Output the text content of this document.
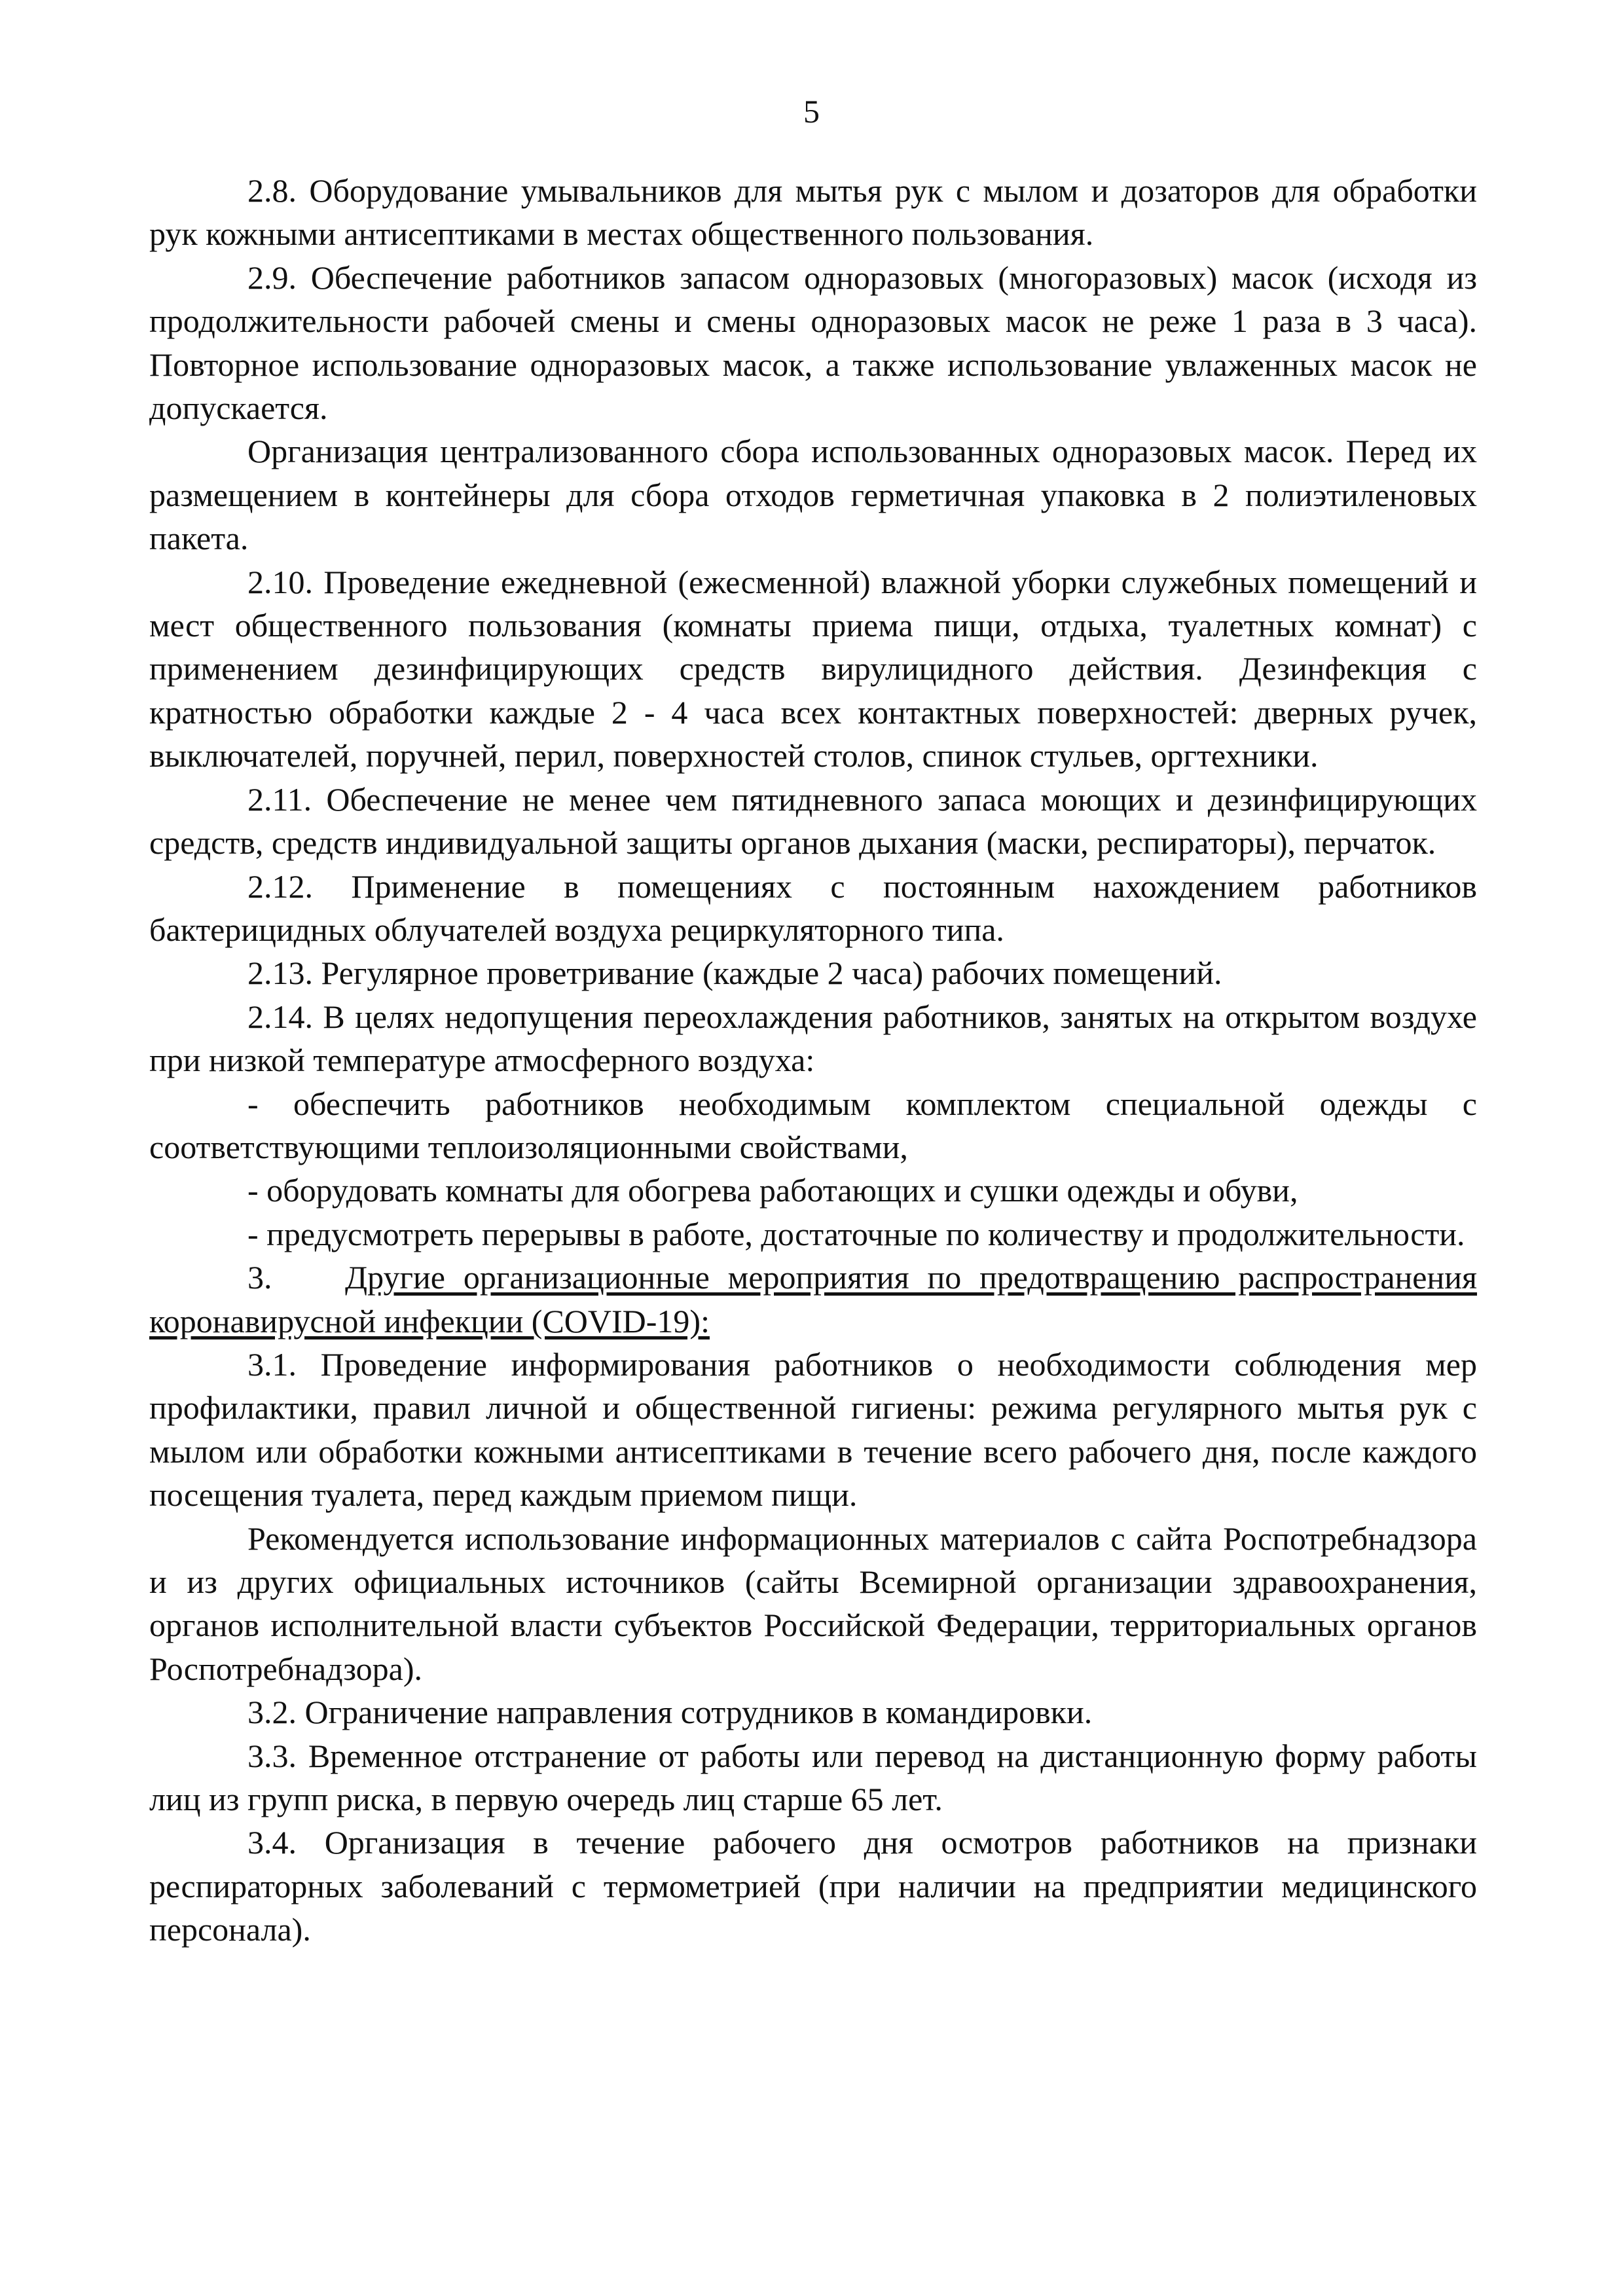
5

2.8. Оборудование умывальников для мытья рук с мылом и дозаторов для обработки рук кожными антисептиками в местах общественного пользования.

2.9. Обеспечение работников запасом одноразовых (многоразовых) масок (исходя из продолжительности рабочей смены и смены одноразовых масок не реже 1 раза в 3 часа). Повторное использование одноразовых масок, а также использование увлаженных масок не допускается.

Организация централизованного сбора использованных одноразовых масок. Перед их размещением в контейнеры для сбора отходов герметичная упаковка в 2 полиэтиленовых пакета.

2.10. Проведение ежедневной (ежесменной) влажной уборки служебных помещений и мест общественного пользования (комнаты приема пищи, отдыха, туалетных комнат) с применением дезинфицирующих средств вирулицидного действия. Дезинфекция с кратностью обработки каждые 2 - 4 часа всех контактных поверхностей: дверных ручек, выключателей, поручней, перил, поверхностей столов, спинок стульев, оргтехники.

2.11. Обеспечение не менее чем пятидневного запаса моющих и дезинфицирующих средств, средств индивидуальной защиты органов дыхания (маски, респираторы), перчаток.

2.12. Применение в помещениях с постоянным нахождением работников бактерицидных облучателей воздуха рециркуляторного типа.

2.13. Регулярное проветривание (каждые 2 часа) рабочих помещений.

2.14. В целях недопущения переохлаждения работников, занятых на открытом воздухе при низкой температуре атмосферного воздуха:

- обеспечить работников необходимым комплектом специальной одежды с соответствующими теплоизоляционными свойствами,

- оборудовать комнаты для обогрева работающих и сушки одежды и обуви,

- предусмотреть перерывы в работе, достаточные по количеству и продолжительности.

3. Другие организационные мероприятия по предотвращению распространения коронавирусной инфекции (COVID-19):

3.1. Проведение информирования работников о необходимости соблюдения мер профилактики, правил личной и общественной гигиены: режима регулярного мытья рук с мылом или обработки кожными антисептиками в течение всего рабочего дня, после каждого посещения туалета, перед каждым приемом пищи.

Рекомендуется использование информационных материалов с сайта Роспотребнадзора и из других официальных источников (сайты Всемирной организации здравоохранения, органов исполнительной власти субъектов Российской Федерации, территориальных органов Роспотребнадзора).

3.2. Ограничение направления сотрудников в командировки.

3.3. Временное отстранение от работы или перевод на дистанционную форму работы лиц из групп риска, в первую очередь лиц старше 65 лет.

3.4. Организация в течение рабочего дня осмотров работников на признаки респираторных заболеваний с термометрией (при наличии на предприятии медицинского персонала).
